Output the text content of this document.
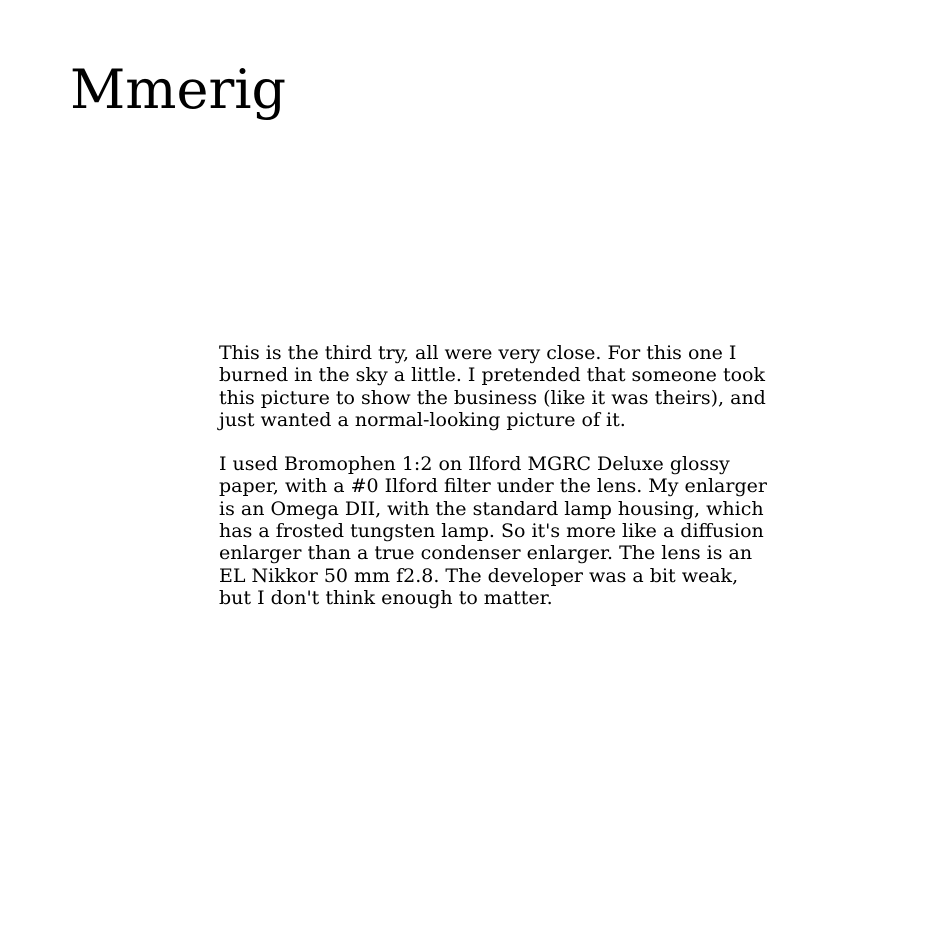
Mmerig

This is the third try, all were very close. For this one I
burned in the sky a little. I pretended that someone took
this picture to show the business (like it was theirs), and
just wanted a normal-looking picture of it.

I used Bromophen 1:2 on Ilford MGRC Deluxe glossy
paper, with a #0 Ilford filter under the lens. My enlarger
is an Omega DII, with the standard lamp housing, which
has a frosted tungsten lamp. So it's more like a diffusion
enlarger than a true condenser enlarger. The lens is an
EL Nikkor 50 mm f2.8. The developer was a bit weak,
but I don't think enough to matter.
